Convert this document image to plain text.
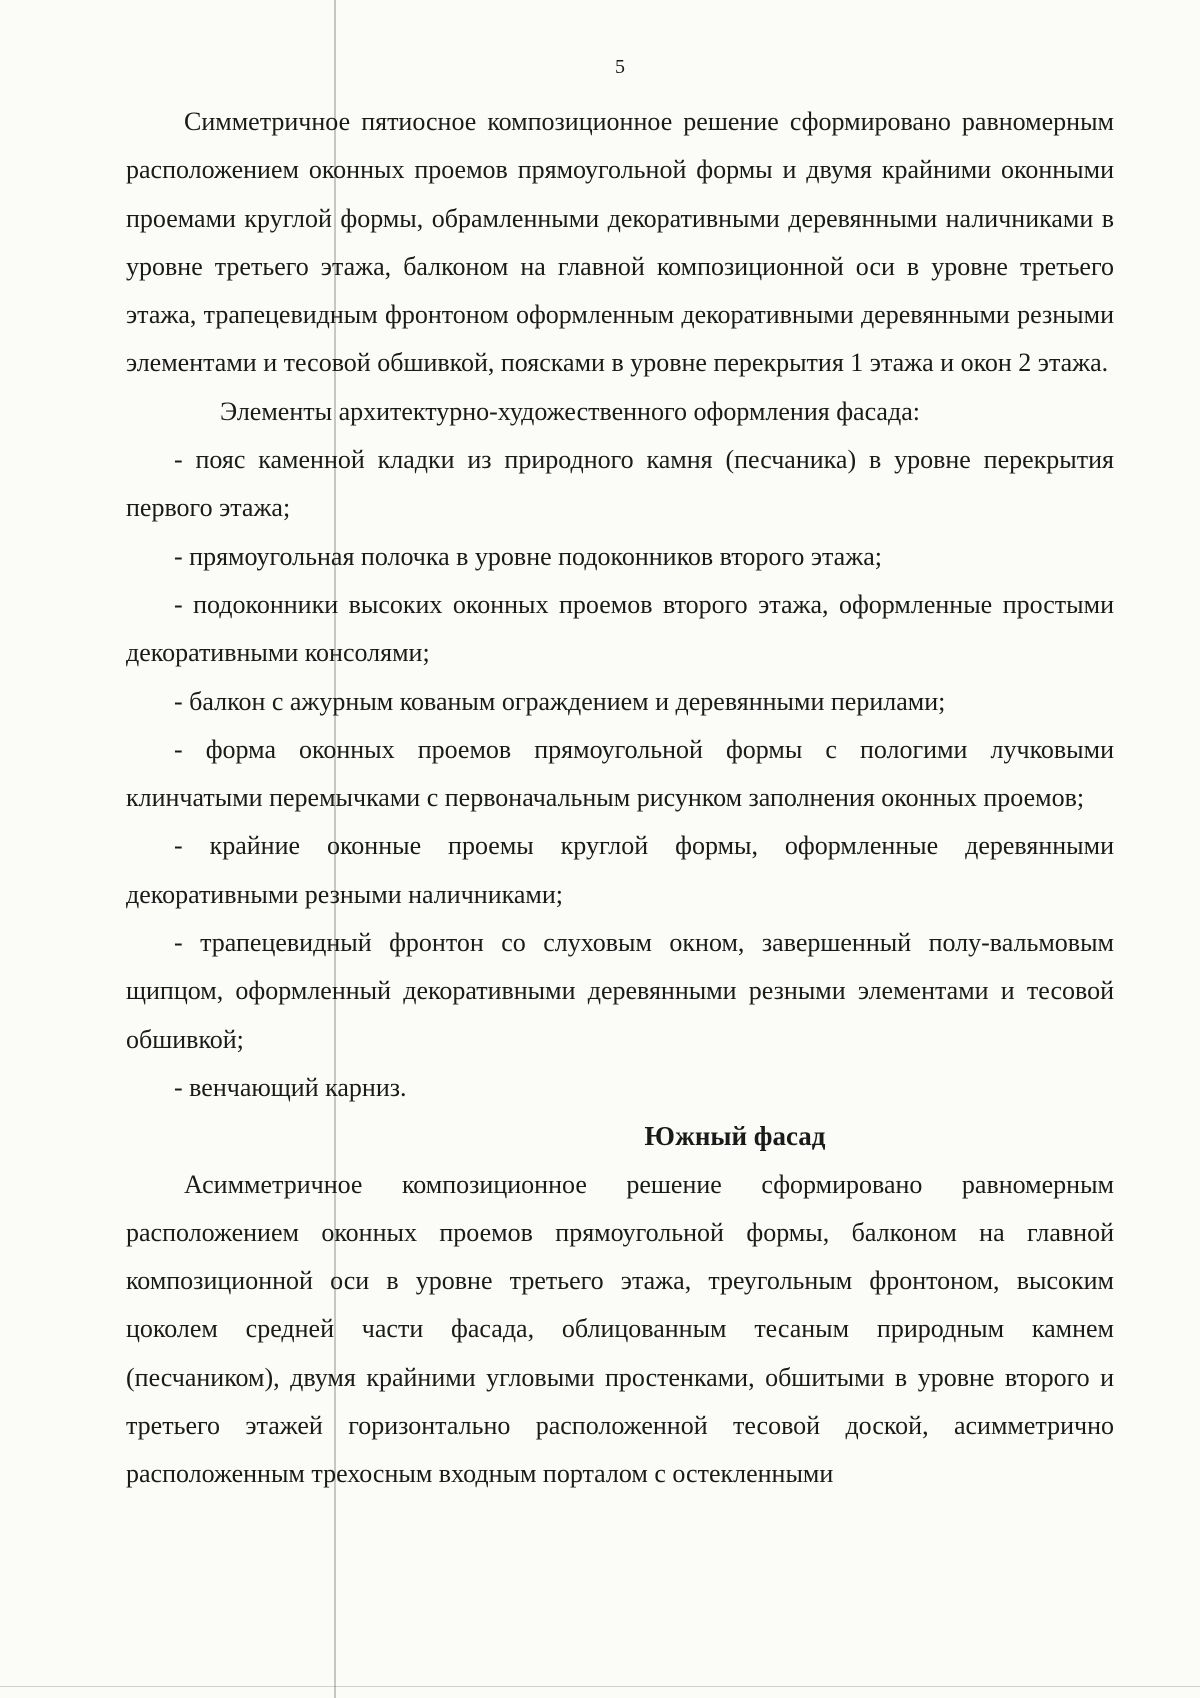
5

Симметричное пятиосное композиционное решение сформировано равномерным расположением оконных проемов прямоугольной формы и двумя крайними оконными проемами круглой формы, обрамленными декоративными деревянными наличниками в уровне третьего этажа, балконом на главной композиционной оси в уровне третьего этажа, трапецевидным фронтоном оформленным декоративными деревянными резными элементами и тесовой обшивкой, поясками в уровне перекрытия 1 этажа и окон 2 этажа.

Элементы архитектурно-художественного оформления фасада:

- пояс каменной кладки из природного камня (песчаника) в уровне перекрытия первого этажа;

- прямоугольная полочка в уровне подоконников второго этажа;

- подоконники высоких оконных проемов второго этажа, оформленные простыми декоративными консолями;

- балкон с ажурным кованым ограждением и деревянными перилами;

- форма оконных проемов прямоугольной формы с пологими лучковыми клинчатыми перемычками с первоначальным рисунком заполнения оконных проемов;

- крайние оконные проемы круглой формы, оформленные деревянными декоративными резными наличниками;

- трапецевидный фронтон со слуховым окном, завершенный полу-вальмовым щипцом, оформленный декоративными деревянными резными элементами и тесовой обшивкой;

- венчающий карниз.

Южный фасад

Асимметричное композиционное решение сформировано равномерным расположением оконных проемов прямоугольной формы, балконом на главной композиционной оси в уровне третьего этажа, треугольным фронтоном, высоким цоколем средней части фасада, облицованным тесаным природным камнем (песчаником), двумя крайними угловыми простенками, обшитыми в уровне второго и третьего этажей горизонтально расположенной тесовой доской, асимметрично расположенным трехосным входным порталом с остекленными
